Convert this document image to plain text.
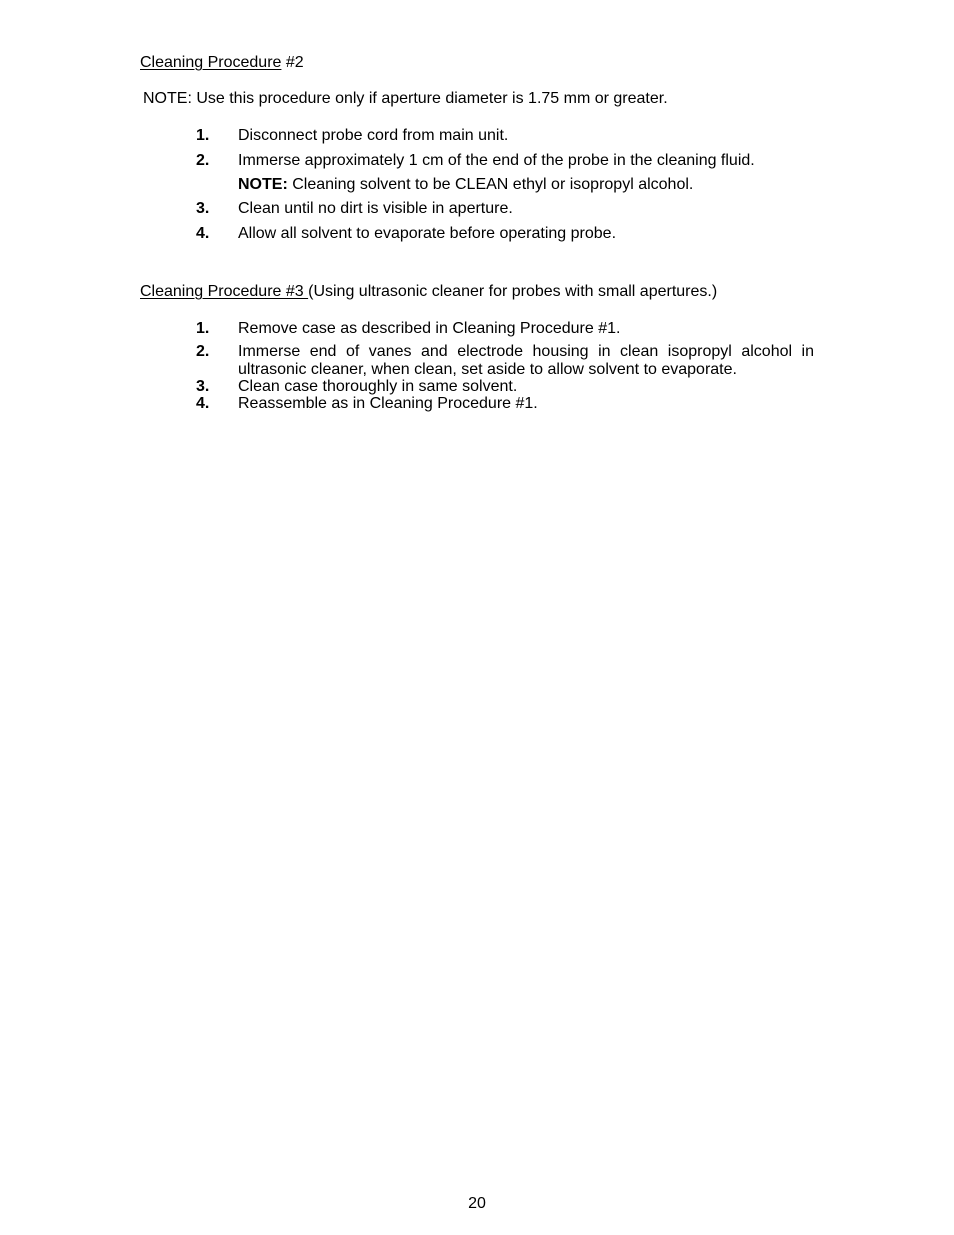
Cleaning Procedure #2
NOTE: Use this procedure only if aperture diameter is 1.75 mm or greater.
1. Disconnect probe cord from main unit.
2. Immerse approximately 1 cm of the end of the probe in the cleaning fluid.
NOTE: Cleaning solvent to be CLEAN ethyl or isopropyl alcohol.
3. Clean until no dirt is visible in aperture.
4. Allow all solvent to evaporate before operating probe.
Cleaning Procedure #3 (Using ultrasonic cleaner for probes with small apertures.)
1. Remove case as described in Cleaning Procedure #1.
2. Immerse end of vanes and electrode housing in clean isopropyl alcohol in ultrasonic cleaner, when clean, set aside to allow solvent to evaporate.
3. Clean case thoroughly in same solvent.
4. Reassemble as in Cleaning Procedure #1.
20
